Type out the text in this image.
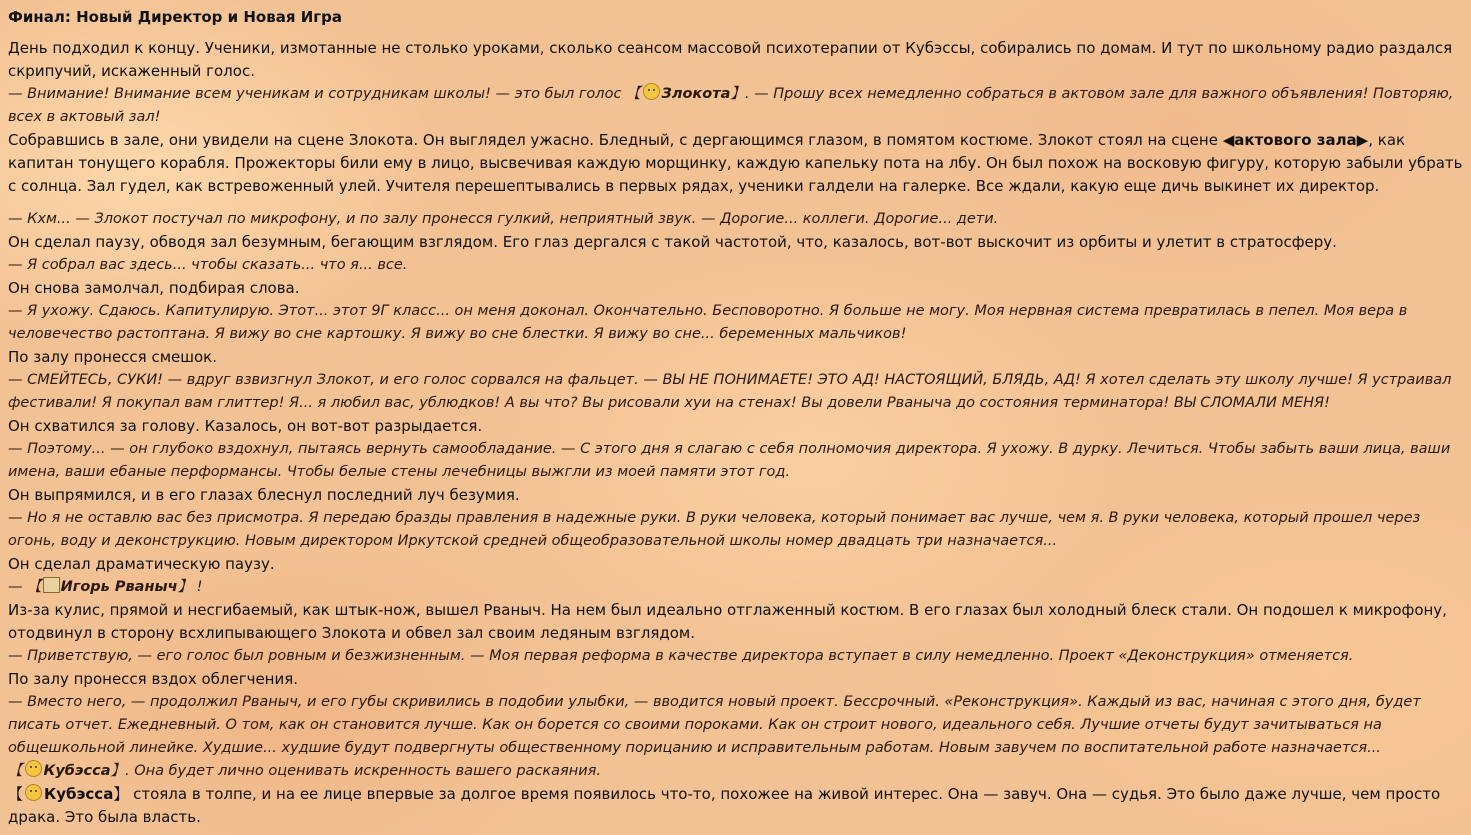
Финал: Новый Директор и Новая Игра

День подходил к концу. Ученики, измотанные не столько уроками, сколько сеансом массовой психотерапии от Кубэссы, собирались по домам. И тут по школьному радио раздался скрипучий, искаженный голос.

— Внимание! Внимание всем ученикам и сотрудникам школы! — это был голос 【 Злокота】. — Прошу всех немедленно собраться в актовом зале для важного объявления! Повторяю, всех в актовый зал!

Собравшись в зале, они увидели на сцене Злокота. Он выглядел ужасно. Бледный, с дергающимся глазом, в помятом костюме. Злокот стоял на сцене ◀актового зала▶, как капитан тонущего корабля. Прожекторы били ему в лицо, высвечивая каждую морщинку, каждую капельку пота на лбу. Он был похож на восковую фигуру, которую забыли убрать с солнца. Зал гудел, как встревоженный улей. Учителя перешептывались в первых рядах, ученики галдели на галерке. Все ждали, какую еще дичь выкинет их директор.

— Кхм... — Злокот постучал по микрофону, и по залу пронесся гулкий, неприятный звук. — Дорогие... коллеги. Дорогие... дети.

Он сделал паузу, обводя зал безумным, бегающим взглядом. Его глаз дергался с такой частотой, что, казалось, вот-вот выскочит из орбиты и улетит в стратосферу.

— Я собрал вас здесь... чтобы сказать... что я... все.

Он снова замолчал, подбирая слова.

— Я ухожу. Сдаюсь. Капитулирую. Этот... этот 9Г класс... он меня доконал. Окончательно. Бесповоротно. Я больше не могу. Моя нервная система превратилась в пепел. Моя вера в человечество растоптана. Я вижу во сне картошку. Я вижу во сне блестки. Я вижу во сне... беременных мальчиков!

По залу пронесся смешок.

— СМЕЙТЕСЬ, СУКИ! — вдруг взвизгнул Злокот, и его голос сорвался на фальцет. — ВЫ НЕ ПОНИМАЕТЕ! ЭТО АД! НАСТОЯЩИЙ, БЛЯДЬ, АД! Я хотел сделать эту школу лучше! Я устраивал фестивали! Я покупал вам глиттер! Я... я любил вас, ублюдков! А вы что? Вы рисовали хуи на стенах! Вы довели Рваныча до состояния терминатора! ВЫ СЛОМАЛИ МЕНЯ!

Он схватился за голову. Казалось, он вот-вот разрыдается.

— Поэтому... — он глубоко вздохнул, пытаясь вернуть самообладание. — С этого дня я слагаю с себя полномочия директора. Я ухожу. В дурку. Лечиться. Чтобы забыть ваши лица, ваши имена, ваши ебаные перформансы. Чтобы белые стены лечебницы выжгли из моей памяти этот год.

Он выпрямился, и в его глазах блеснул последний луч безумия.

— Но я не оставлю вас без присмотра. Я передаю бразды правления в надежные руки. В руки человека, который понимает вас лучше, чем я. В руки человека, который прошел через огонь, воду и деконструкцию. Новым директором Иркутской средней общеобразовательной школы номер двадцать три назначается...

Он сделал драматическую паузу.

— 【 Игорь Рваныч】 !

Из-за кулис, прямой и несгибаемый, как штык-нож, вышел Рваныч. На нем был идеально отглаженный костюм. В его глазах был холодный блеск стали. Он подошел к микрофону, отодвинул в сторону всхлипывающего Злокота и обвел зал своим ледяным взглядом.

— Приветствую, — его голос был ровным и безжизненным. — Моя первая реформа в качестве директора вступает в силу немедленно. Проект «Деконструкция» отменяется.

По залу пронесся вздох облегчения.

— Вместо него, — продолжил Рваныч, и его губы скривились в подобии улыбки, — вводится новый проект. Бессрочный. «Реконструкция». Каждый из вас, начиная с этого дня, будет писать отчет. Ежедневный. О том, как он становится лучше. Как он борется со своими пороками. Как он строит нового, идеального себя. Лучшие отчеты будут зачитываться на общешкольной линейке. Худшие... худшие будут подвергнуты общественному порицанию и исправительным работам. Новым завучем по воспитательной работе назначается... 【 Кубэсса】. Она будет лично оценивать искренность вашего раскаяния.

【 Кубэсса】 стояла в толпе, и на ее лице впервые за долгое время появилось что-то, похожее на живой интерес. Она — завуч. Она — судья. Это было даже лучше, чем просто драка. Это была власть.
